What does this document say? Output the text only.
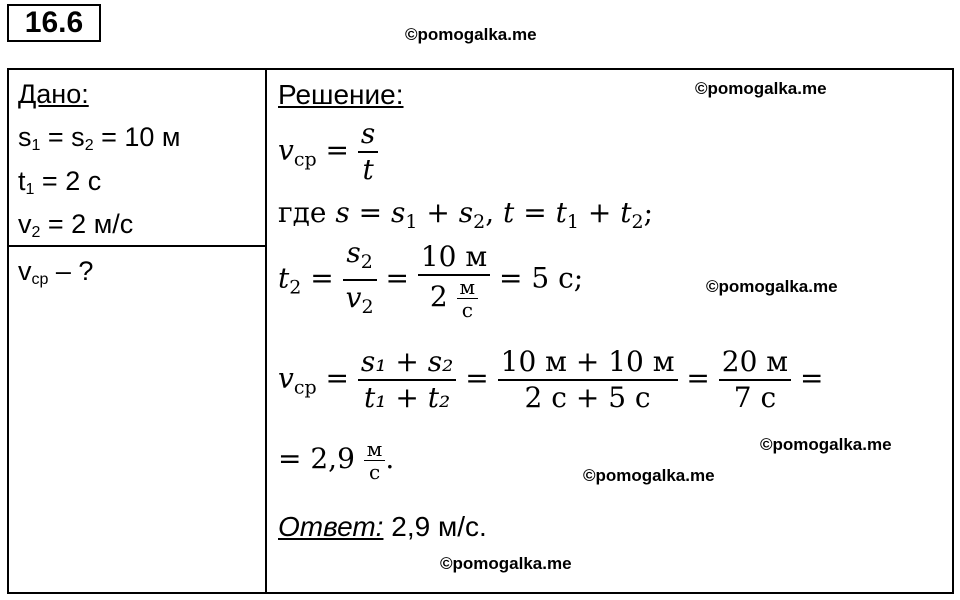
16.6	©pomogalka.me
©pomogalka.me
©pomogalka.me
©pomogalka.me
©pomogalka.me
©pomogalka.me
Дано:
$s_1 = s_2 = 10$ м
$t_1 = 2$ с
$v_2 = 2$ м/с
$v_{ср}$ – ?
Решение:
$v_{ср} = \frac{s}{t}$
где $s = s_1 + s_2$, $t = t_1 + t_2$;
$t_2 = \frac{s_2}{v_2} = \frac{10 м}{2 \frac{м}{с}} = 5$ с;
$v_{ср} = \frac{\text{s₁ + s₂}}{\text{t₁ + t₂}} = \frac{10 м + 10 м}{2 с + 5 с} = \frac{20 м}{7 с}$ =
= $2,9 \frac{м}{с}$ .
Ответ: 2,9 м/с.
